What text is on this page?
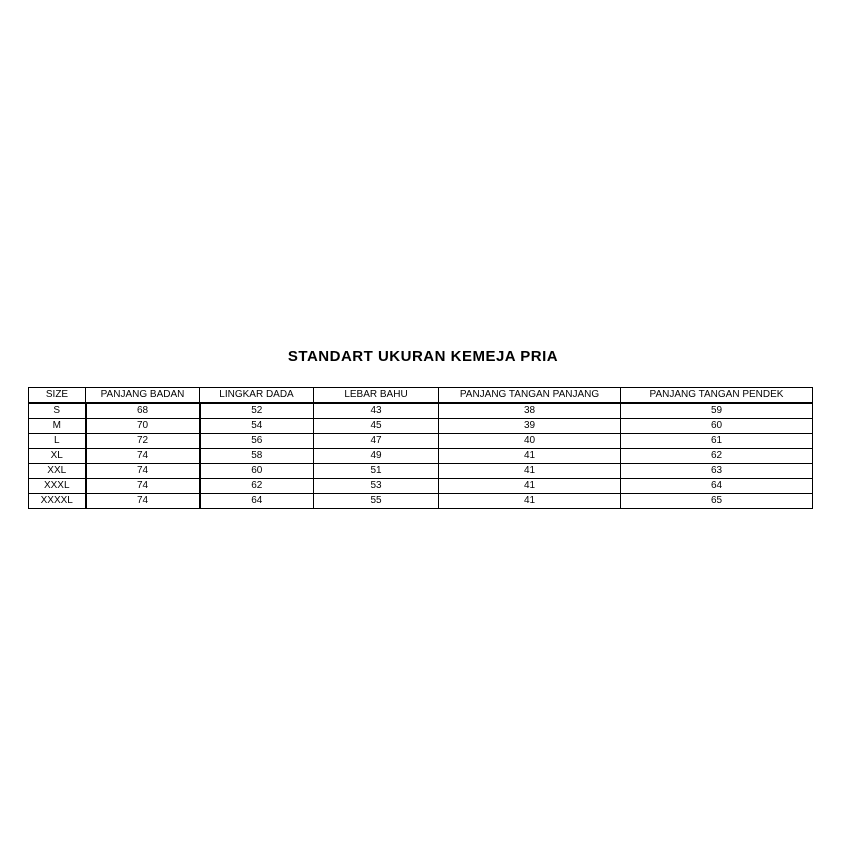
STANDART UKURAN KEMEJA PRIA
SIZE	PANJANG BADAN	LINGKAR DADA	LEBAR BAHU	PANJANG TANGAN PANJANG	PANJANG TANGAN PENDEK
S	68	52	43	38	59
M	70	54	45	39	60
L	72	56	47	40	61
XL	74	58	49	41	62
XXL	74	60	51	41	63
XXXL	74	62	53	41	64
XXXXL	74	64	55	41	65
